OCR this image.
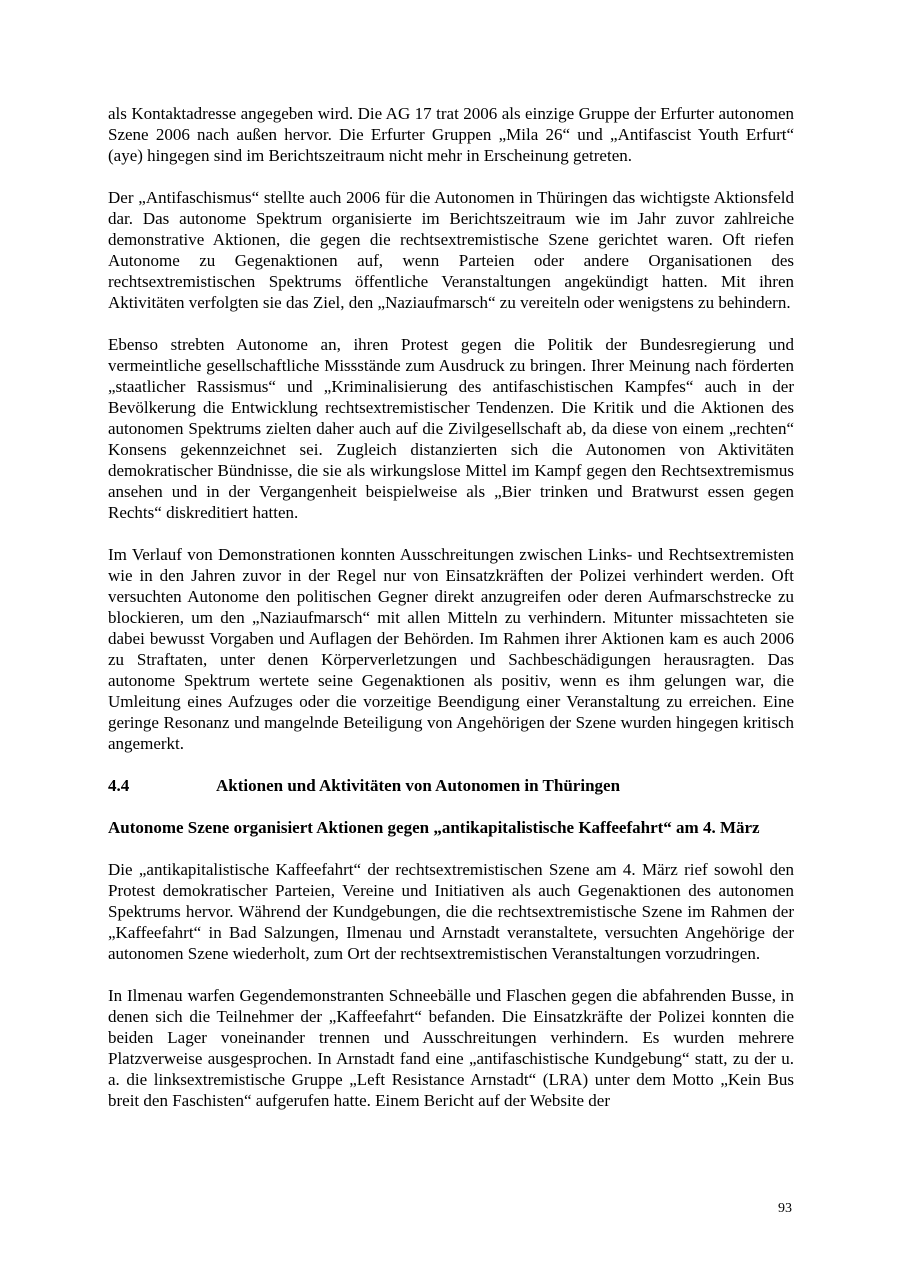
als Kontaktadresse angegeben wird. Die AG 17 trat 2006 als einzige Gruppe der Erfurter autonomen Szene 2006 nach außen hervor. Die Erfurter Gruppen „Mila 26“ und „Antifascist Youth Erfurt“ (aye) hingegen sind im Berichtszeitraum nicht mehr in Erscheinung getreten.

Der „Antifaschismus“ stellte auch 2006 für die Autonomen in Thüringen das wichtigste Aktionsfeld dar. Das autonome Spektrum organisierte im Berichtszeitraum wie im Jahr zuvor zahlreiche demonstrative Aktionen, die gegen die rechtsextremistische Szene gerichtet waren. Oft riefen Autonome zu Gegenaktionen auf, wenn Parteien oder andere Organisationen des rechtsextremistischen Spektrums öffentliche Veranstaltungen angekündigt hatten. Mit ihren Aktivitäten verfolgten sie das Ziel, den „Naziaufmarsch“ zu vereiteln oder wenigstens zu behindern.

Ebenso strebten Autonome an, ihren Protest gegen die Politik der Bundesregierung und vermeintliche gesellschaftliche Missstände zum Ausdruck zu bringen. Ihrer Meinung nach förderten „staatlicher Rassismus“ und „Kriminalisierung des antifaschistischen Kampfes“ auch in der Bevölkerung die Entwicklung rechtsextremistischer Tendenzen. Die Kritik und die Aktionen des autonomen Spektrums zielten daher auch auf die Zivilgesellschaft ab, da diese von einem „rechten“ Konsens gekennzeichnet sei. Zugleich distanzierten sich die Autonomen von Aktivitäten demokratischer Bündnisse, die sie als wirkungslose Mittel im Kampf gegen den Rechtsextremismus ansehen und in der Vergangenheit beispielweise als „Bier trinken und Bratwurst essen gegen Rechts“ diskreditiert hatten.

Im Verlauf von Demonstrationen konnten Ausschreitungen zwischen Links- und Rechtsextremisten wie in den Jahren zuvor in der Regel nur von Einsatzkräften der Polizei verhindert werden. Oft versuchten Autonome den politischen Gegner direkt anzugreifen oder deren Aufmarschstrecke zu blockieren, um den „Naziaufmarsch“ mit allen Mitteln zu verhindern. Mitunter missachteten sie dabei bewusst Vorgaben und Auflagen der Behörden. Im Rahmen ihrer Aktionen kam es auch 2006 zu Straftaten, unter denen Körperverletzungen und Sachbeschädigungen herausragten. Das autonome Spektrum wertete seine Gegenaktionen als positiv, wenn es ihm gelungen war, die Umleitung eines Aufzuges oder die vorzeitige Beendigung einer Veranstaltung zu erreichen. Eine geringe Resonanz und mangelnde Beteiligung von Angehörigen der Szene wurden hingegen kritisch angemerkt.

4.4	Aktionen und Aktivitäten von Autonomen in Thüringen

Autonome Szene organisiert Aktionen gegen „antikapitalistische Kaffeefahrt“ am 4. März

Die „antikapitalistische Kaffeefahrt“ der rechtsextremistischen Szene am 4. März rief sowohl den Protest demokratischer Parteien, Vereine und Initiativen als auch Gegenaktionen des autonomen Spektrums hervor. Während der Kundgebungen, die die rechtsextremistische Szene im Rahmen der „Kaffeefahrt“ in Bad Salzungen, Ilmenau und Arnstadt veranstaltete, versuchten Angehörige der autonomen Szene wiederholt, zum Ort der rechtsextremistischen Veranstaltungen vorzudringen.

In Ilmenau warfen Gegendemonstranten Schneebälle und Flaschen gegen die abfahrenden Busse, in denen sich die Teilnehmer der „Kaffeefahrt“ befanden. Die Einsatzkräfte der Polizei konnten die beiden Lager voneinander trennen und Ausschreitungen verhindern. Es wurden mehrere Platzverweise ausgesprochen. In Arnstadt fand eine „antifaschistische Kundgebung“ statt, zu der u. a. die linksextremistische Gruppe „Left Resistance Arnstadt“ (LRA) unter dem Motto „Kein Bus breit den Faschisten“ aufgerufen hatte. Einem Bericht auf der Website der

93
